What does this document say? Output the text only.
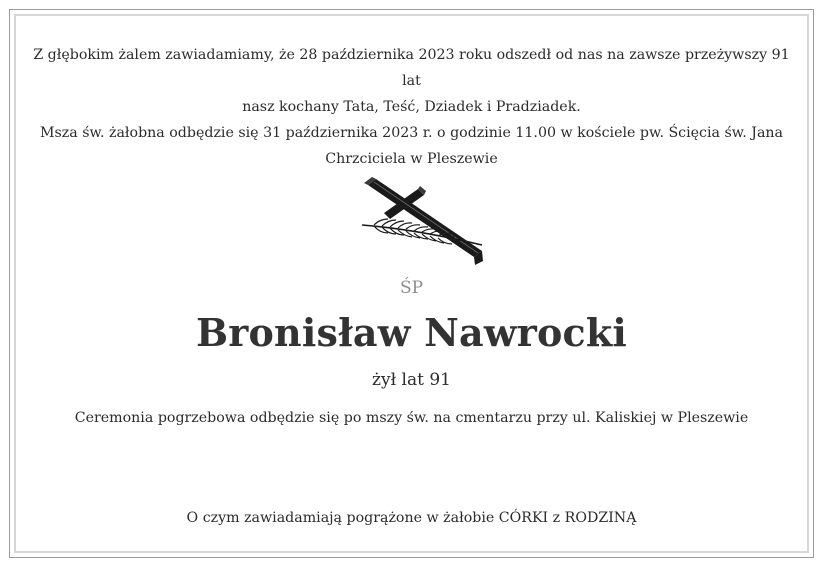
Z głębokim żalem zawiadamiamy, że 28 października 2023 roku odszedł od nas na zawsze przeżywszy 91 lat

nasz kochany Tata, Teść, Dziadek i Pradziadek.

Msza św. żałobna odbędzie się 31 października 2023 r. o godzinie 11.00 w kościele pw. Ścięcia św. Jana

Chrzciciela w Pleszewie

ŚP

Bronisław Nawrocki

żył lat 91

Ceremonia pogrzebowa odbędzie się po mszy św. na cmentarzu przy ul. Kaliskiej w Pleszewie

O czym zawiadamiają pogrążone w żałobie CÓRKI z RODZINĄ
